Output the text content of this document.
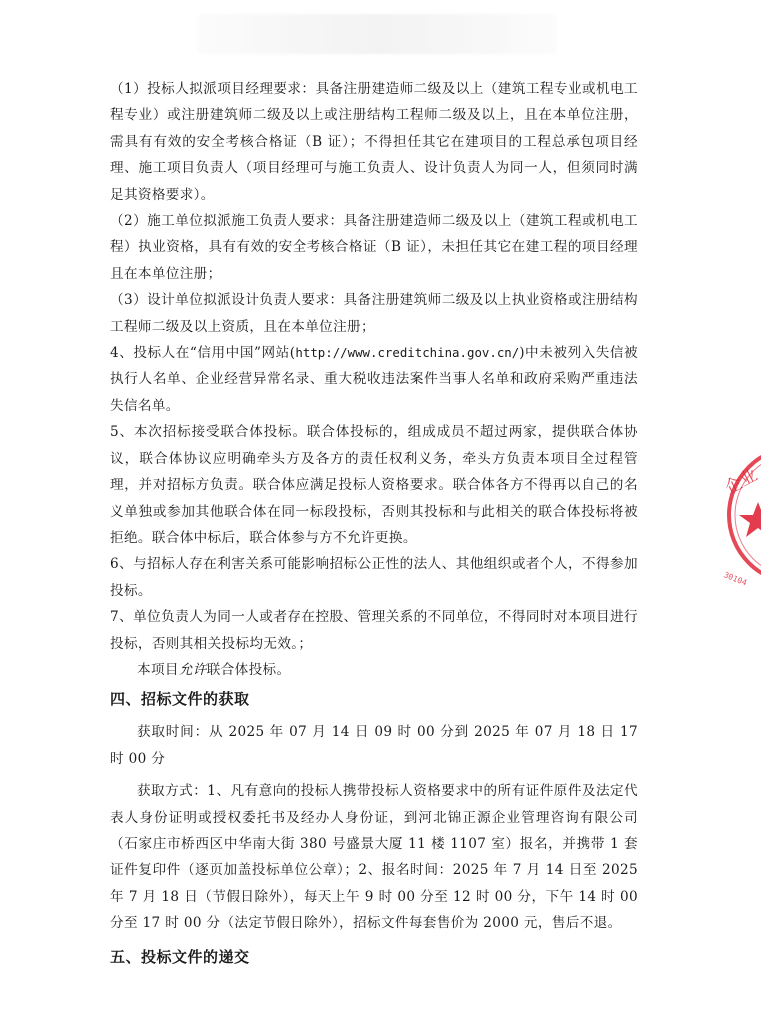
（1）投标人拟派项目经理要求：具备注册建造师二级及以上（建筑工程专业或机电工程专业）或注册建筑师二级及以上或注册结构工程师二级及以上，且在本单位注册，需具有有效的安全考核合格证（B 证）；不得担任其它在建项目的工程总承包项目经理、施工项目负责人（项目经理可与施工负责人、设计负责人为同一人，但须同时满足其资格要求）。

（2）施工单位拟派施工负责人要求：具备注册建造师二级及以上（建筑工程或机电工程）执业资格，具有有效的安全考核合格证（B 证），未担任其它在建工程的项目经理且在本单位注册；

（3）设计单位拟派设计负责人要求：具备注册建筑师二级及以上执业资格或注册结构工程师二级及以上资质，且在本单位注册；

4、投标人在“信用中国”网站(http://www.creditchina.gov.cn/)中未被列入失信被执行人名单、企业经营异常名录、重大税收违法案件当事人名单和政府采购严重违法失信名单。

5、本次招标接受联合体投标。联合体投标的，组成成员不超过两家，提供联合体协议，联合体协议应明确牵头方及各方的责任权利义务，牵头方负责本项目全过程管理，并对招标方负责。联合体应满足投标人资格要求。联合体各方不得再以自己的名义单独或参加其他联合体在同一标段投标，否则其投标和与此相关的联合体投标将被拒绝。联合体中标后，联合体参与方不允许更换。

6、与招标人存在利害关系可能影响招标公正性的法人、其他组织或者个人，不得参加投标。

7、单位负责人为同一人或者存在控股、管理关系的不同单位，不得同时对本项目进行投标，否则其相关投标均无效。；

本项目允许联合体投标。

四、招标文件的获取

获取时间：从 2025 年 07 月 14 日 09 时 00 分到 2025 年 07 月 18 日 17 时 00 分

获取方式：1、凡有意向的投标人携带投标人资格要求中的所有证件原件及法定代表人身份证明或授权委托书及经办人身份证，到河北锦正源企业管理咨询有限公司（石家庄市桥西区中华南大街 380 号盛景大厦 11 楼 1107 室）报名，并携带 1 套证件复印件（逐页加盖投标单位公章）；2、报名时间：2025 年 7 月 14 日至 2025 年 7 月 18 日（节假日除外），每天上午 9 时 00 分至 12 时 00 分，下午 14 时 00 分至 17 时 00 分（法定节假日除外），招标文件每套售价为 2000 元，售后不退。

五、投标文件的递交
企业
30104
